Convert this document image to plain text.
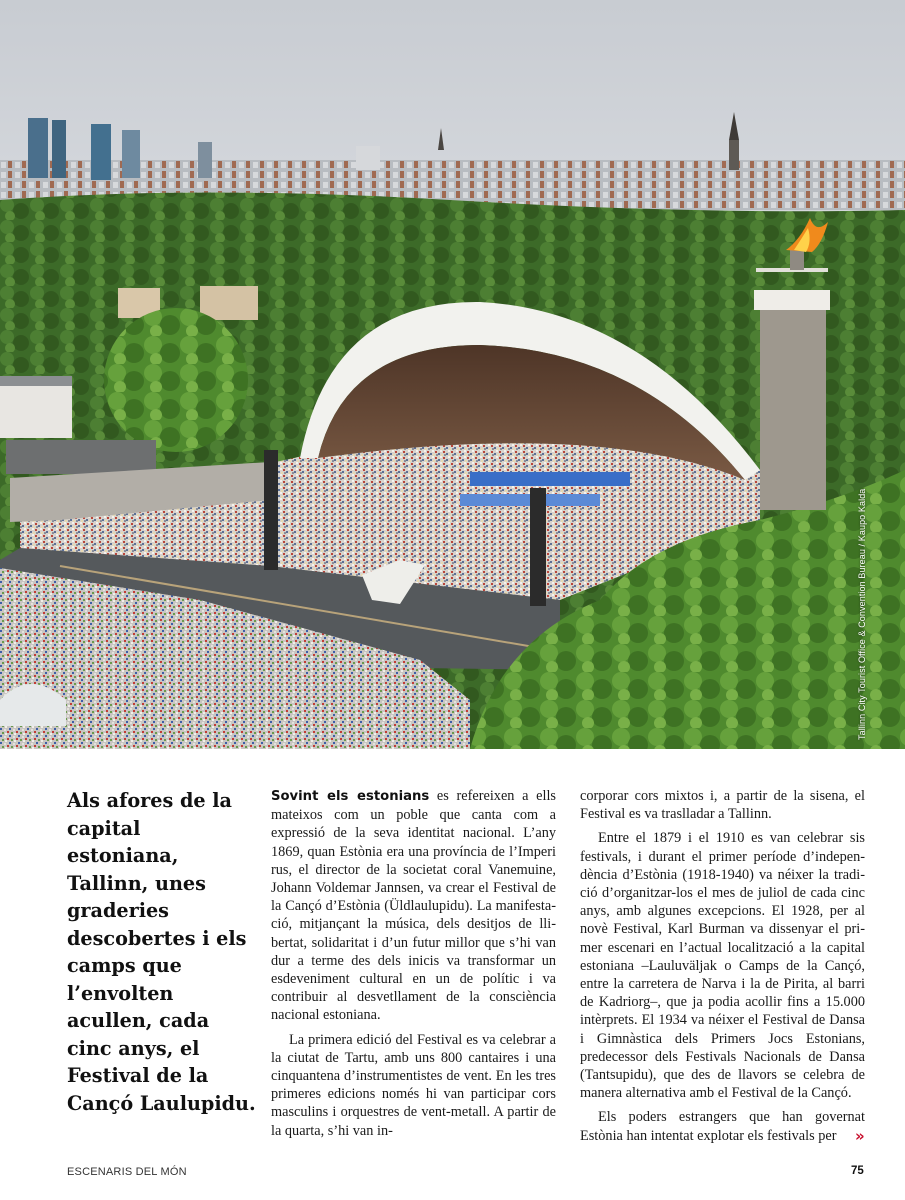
Tallinn City Tourist Office & Convention Bureau / Kaupo Kalda

Als afores de la capital estoniana, Tallinn, unes graderies descobertes i els camps que l’envolten acullen, cada cinc anys, el Festival de la Cançó Laulupidu.

Sovint els estonians es refereixen a ells mateixos com un poble que canta com a expressió de la seva identitat nacional. L’any 1869, quan Estònia era una província de l’Imperi rus, el director de la societat coral Vanemuine, Johann Voldemar Jannsen, va crear el Festival de la Cançó d’Estònia (Üldlaulupidu). La manifestació, mitjançant la música, dels desitjos de llibertat, solidaritat i d’un futur millor que s’hi van dur a terme des dels inicis va transformar un esdeveniment cultural en un de polític i va contribuir al desvetllament de la consciència nacional estoniana.

La primera edició del Festival es va celebrar a la ciutat de Tartu, amb uns 800 cantaires i una cinquantena d’instrumentistes de vent. En les tres primeres edicions només hi van participar cors masculins i orquestres de vent-metall. A partir de la quarta, s’hi van in-

corporar cors mixtos i, a partir de la sisena, el Festival es va traslladar a Tallinn.

Entre el 1879 i el 1910 es van celebrar sis festivals, i durant el primer període d’independència d’Estònia (1918-1940) va néixer la tradició d’organitzar-los el mes de juliol de cada cinc anys, amb algunes excepcions. El 1928, per al novè Festival, Karl Burman va dissenyar el primer escenari en l’actual localització a la capital estoniana –Lauluväljak o Camps de la Cançó, entre la carretera de Narva i la de Pirita, al barri de Kadriorg–, que ja podia acollir fins a 15.000 intèrprets. El 1934 va néixer el Festival de Dansa i Gimnàstica dels Primers Jocs Estonians, predecessor dels Festivals Nacionals de Dansa (Tantsupidu), que des de llavors se celebra de manera alternativa amb el Festival de la Cançó.

Els poders estrangers que han governat Estònia han intentat explotar els festivals per	»
ESCENARIS DEL MÓN	75
